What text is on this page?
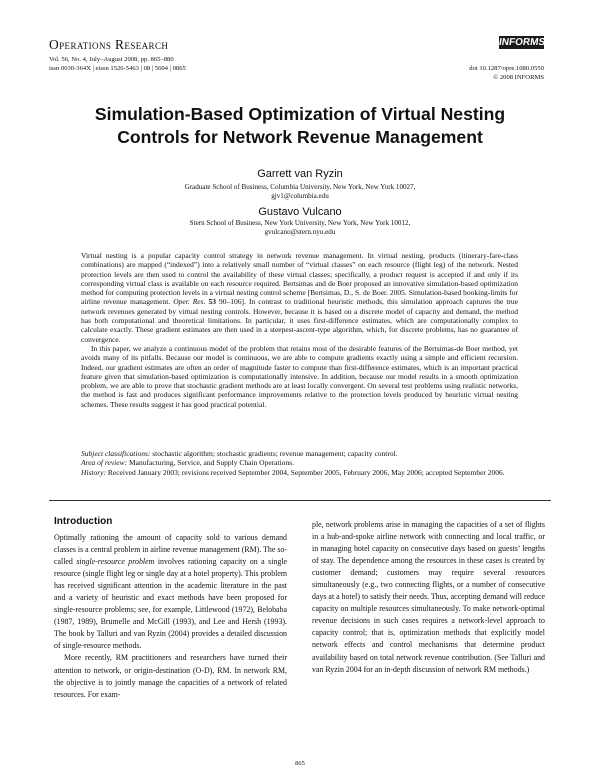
Operations Research
Vol. 56, No. 4, July–August 2008, pp. 865–880
issn 0030-364X | eissn 1526-5463 | 08 | 5604 | 0865
INFORMS
doi 10.1287/opre.1080.0550
© 2008 INFORMS
Simulation-Based Optimization of Virtual Nesting
Controls for Network Revenue Management
Garrett van Ryzin
Graduate School of Business, Columbia University, New York, New York 10027,
gjv1@columbia.edu
Gustavo Vulcano
Stern School of Business, New York University, New York, New York 10012,
gvulcano@stern.nyu.edu

Virtual nesting is a popular capacity control strategy in network revenue management. In virtual nesting, products (itinerary-fare-class combinations) are mapped (“indexed”) into a relatively small number of “virtual classes” on each resource (flight leg) of the network. Nested protection levels are then used to control the availability of these virtual classes; specifically, a product request is accepted if and only if its corresponding virtual class is available on each resource required. Bertsimas and de Boer proposed an innovative simulation-based optimization method for computing protection levels in a virtual nesting control scheme [Bertsimas, D., S. de Boer. 2005. Simulation-based booking-limits for airline revenue management. Oper. Res. 53 90–106]. In contrast to traditional heuristic methods, this simulation approach captures the true network revenues generated by virtual nesting controls. However, because it is based on a discrete model of capacity and demand, the method has both computational and theoretical limitations. In particular, it uses first-difference estimates, which are computationally complex to calculate exactly. These gradient estimates are then used in a steepest-ascent-type algorithm, which, for discrete problems, has no guarantee of convergence.

In this paper, we analyze a continuous model of the problem that retains most of the desirable features of the Bertsimas-de Boer method, yet avoids many of its pitfalls. Because our model is continuous, we are able to compute gradients exactly using a simple and efficient recursion. Indeed, our gradient estimates are often an order of magnitude faster to compute than first-difference estimates, which is an important practical feature given that simulation-based optimization is computationally intensive. In addition, because our model results in a smooth optimization problem, we are able to prove that stochastic gradient methods are at least locally convergent. On several test problems using realistic networks, the method is fast and produces significant performance improvements relative to the protection levels produced by heuristic virtual nesting schemes. These results suggest it has good practical potential.

Subject classifications: stochastic algorithm; stochastic gradients; revenue management; capacity control.
Area of review: Manufacturing, Service, and Supply Chain Operations.
History: Received January 2003; revisions received September 2004, September 2005, February 2006, May 2006; accepted September 2006.
Introduction

Optimally rationing the amount of capacity sold to various demand classes is a central problem in airline revenue management (RM). The so-called single-resource problem involves rationing capacity on a single resource (single flight leg or single day at a hotel property). This problem has received significant attention in the academic literature in the past and a variety of heuristic and exact methods have been proposed for single-resource problems; see, for example, Littlewood (1972), Belobaba (1987, 1989), Brumelle and McGill (1993), and Lee and Hersh (1993). The book by Talluri and van Ryzin (2004) provides a detailed discussion of single-resource methods.

More recently, RM practitioners and researchers have turned their attention to network, or origin-destination (O-D), RM. In network RM, the objective is to jointly manage the capacities of a network of related resources. For exam-

ple, network problems arise in managing the capacities of a set of flights in a hub-and-spoke airline network with connecting and local traffic, or in managing hotel capacity on consecutive days based on guests’ lengths of stay. The dependence among the resources in these cases is created by customer demand; customers may require several resources simultaneously (e.g., two connecting flights, or a number of consecutive days at a hotel) to satisfy their needs. Thus, accepting demand will reduce capacity on multiple resources simultaneously. To make network-optimal revenue decisions in such cases requires a network-level approach to capacity control; that is, optimization methods that explicitly model network effects and control mechanisms that determine product availability based on total network revenue contribution. (See Talluri and van Ryzin 2004 for an in-depth discussion of network RM methods.)

865
